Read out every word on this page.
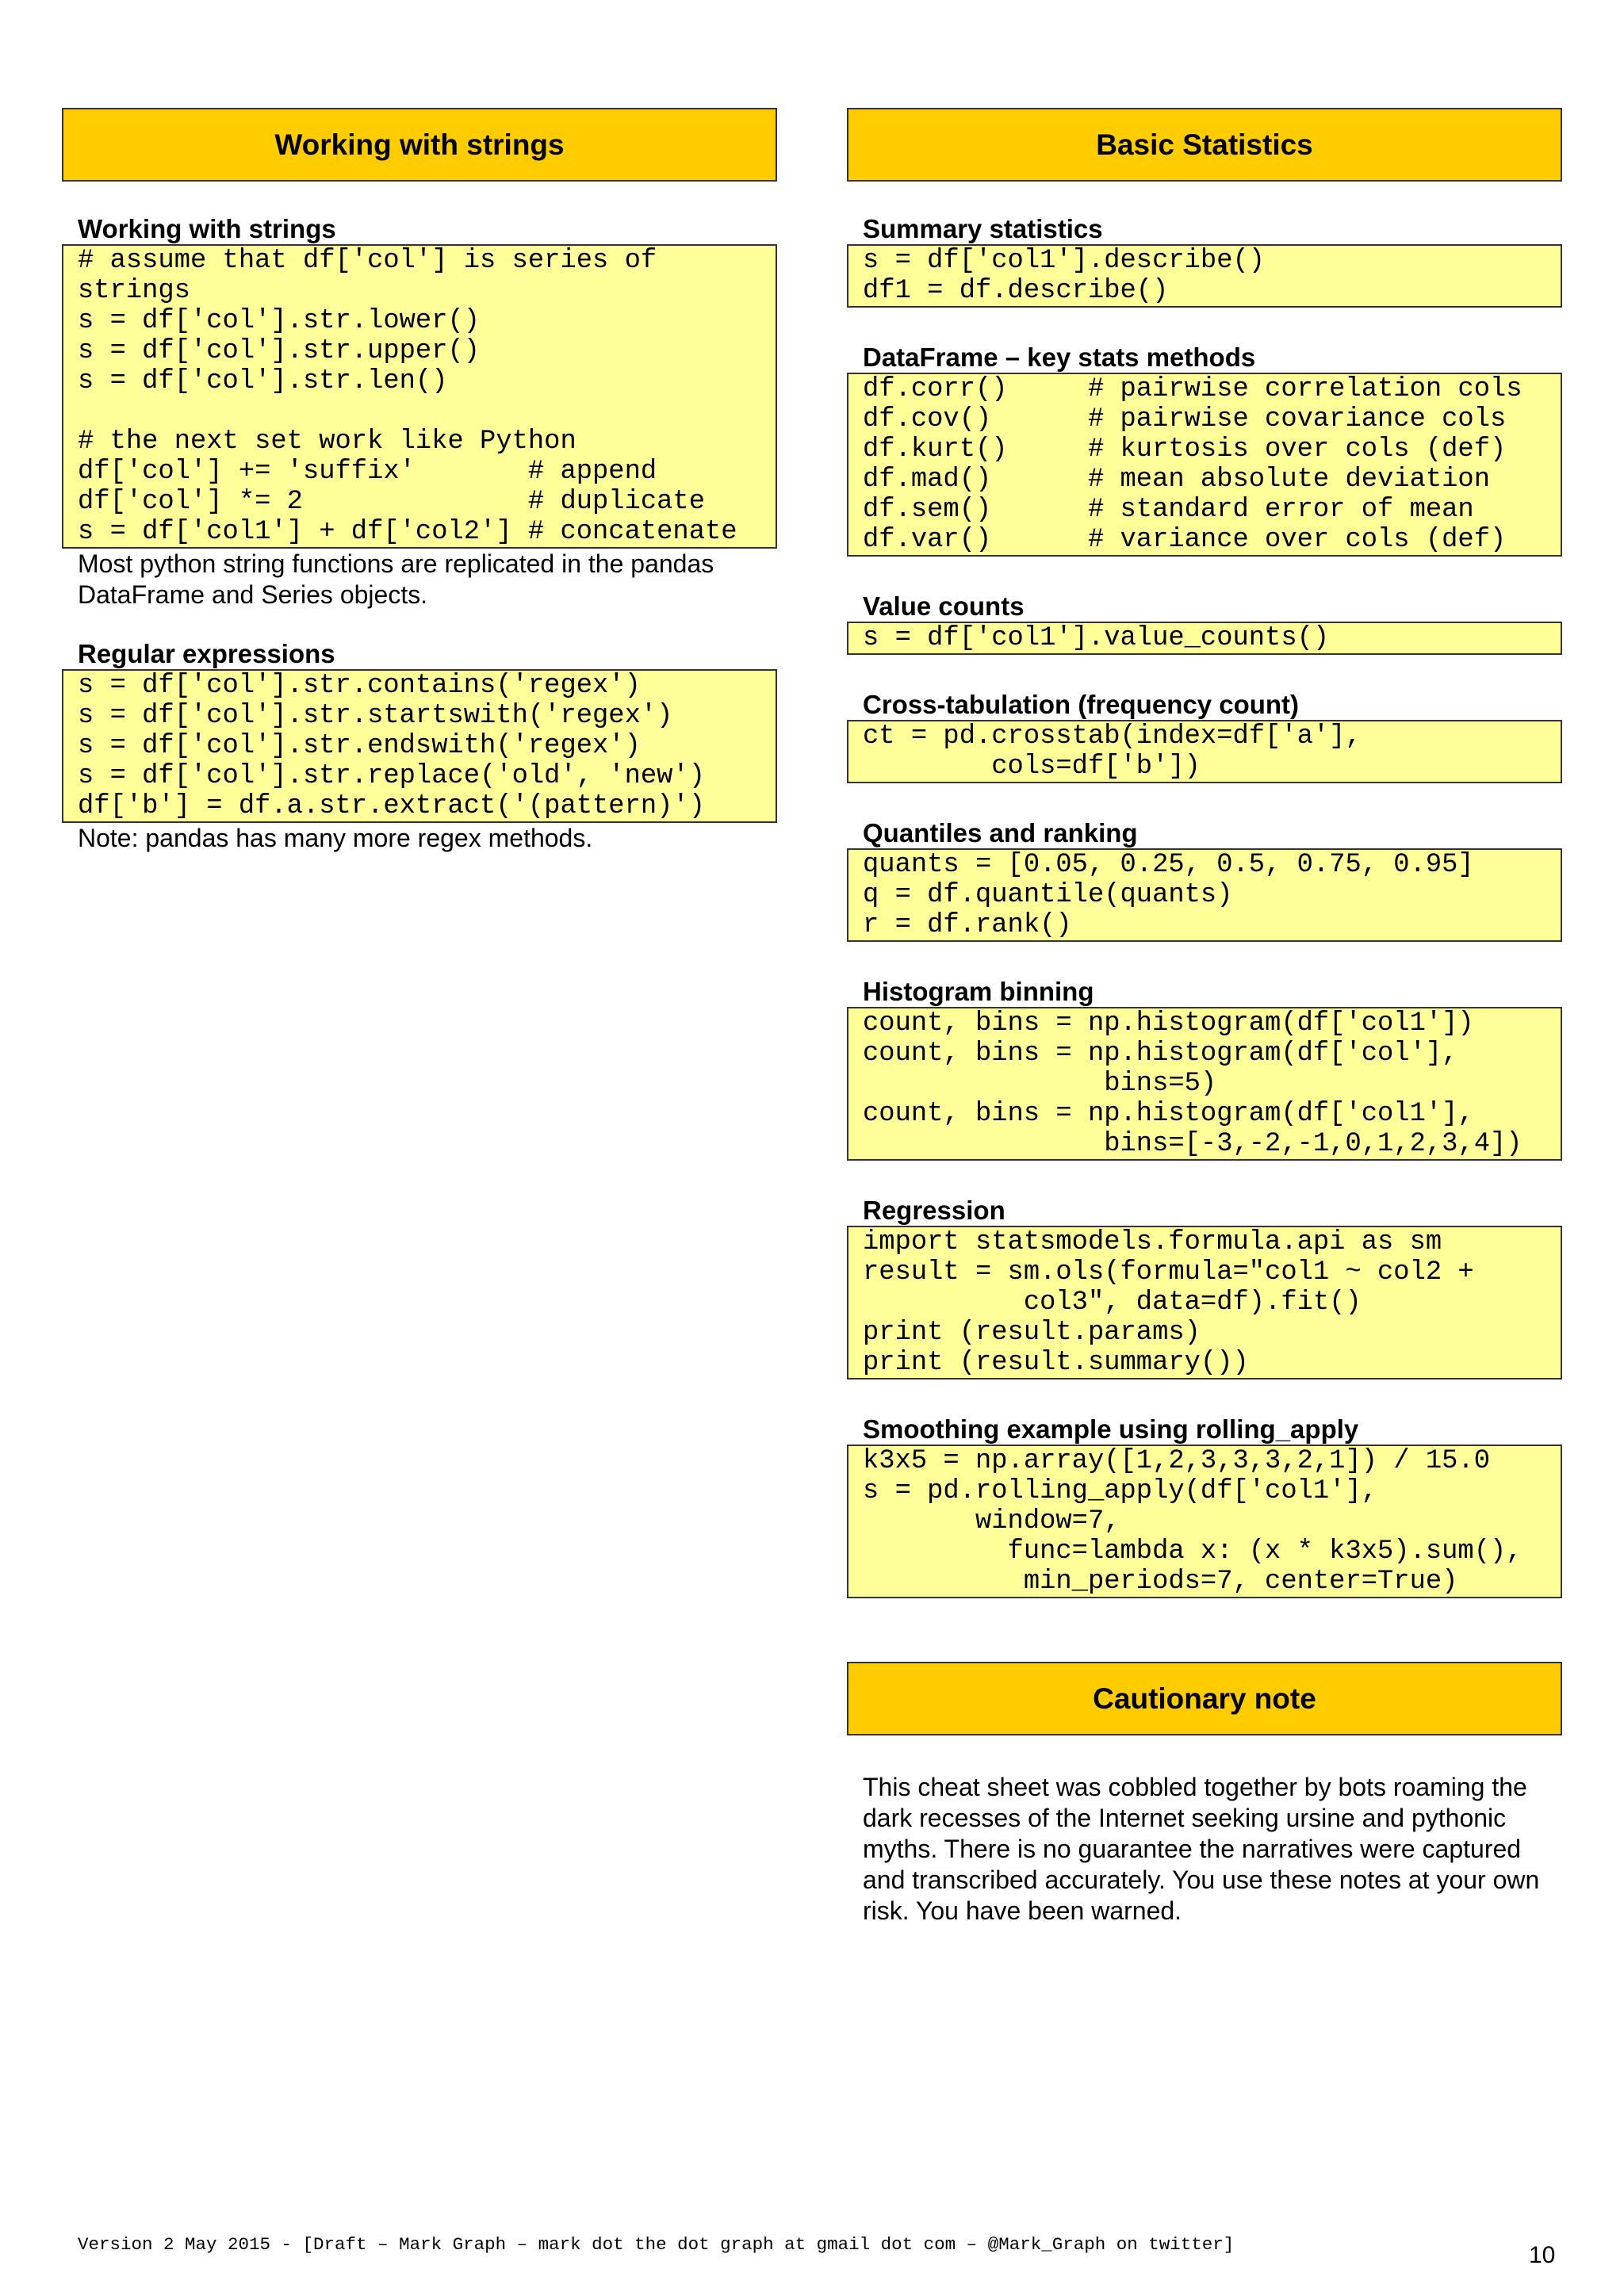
Working with strings
Working with strings
# assume that df['col'] is series of
strings
s = df['col'].str.lower()
s = df['col'].str.upper()
s = df['col'].str.len()

# the next set work like Python
df['col'] += 'suffix'       # append
df['col'] *= 2              # duplicate
s = df['col1'] + df['col2'] # concatenate
Most python string functions are replicated in the pandas DataFrame and Series objects.
Regular expressions
s = df['col'].str.contains('regex')
s = df['col'].str.startswith('regex')
s = df['col'].str.endswith('regex')
s = df['col'].str.replace('old', 'new')
df['b'] = df.a.str.extract('(pattern)')
Note: pandas has many more regex methods.
Basic Statistics
Summary statistics
s = df['col1'].describe()
df1 = df.describe()
DataFrame – key stats methods
df.corr()     # pairwise correlation cols
df.cov()      # pairwise covariance cols
df.kurt()     # kurtosis over cols (def)
df.mad()      # mean absolute deviation
df.sem()      # standard error of mean
df.var()      # variance over cols (def)
Value counts
s = df['col1'].value_counts()
Cross-tabulation (frequency count)
ct = pd.crosstab(index=df['a'],
cols=df['b'])
Quantiles and ranking
quants = [0.05, 0.25, 0.5, 0.75, 0.95]
q = df.quantile(quants)
r = df.rank()
Histogram binning
count, bins = np.histogram(df['col1'])
count, bins = np.histogram(df['col'],
bins=5)
count, bins = np.histogram(df['col1'],
bins=[-3,-2,-1,0,1,2,3,4])
Regression
import statsmodels.formula.api as sm
result = sm.ols(formula="col1 ~ col2 +
col3", data=df).fit()
print (result.params)
print (result.summary())
Smoothing example using rolling_apply
k3x5 = np.array([1,2,3,3,3,2,1]) / 15.0
s = pd.rolling_apply(df['col1'],
window=7,
func=lambda x: (x * k3x5).sum(),
min_periods=7, center=True)
Cautionary note
This cheat sheet was cobbled together by bots roaming the dark recesses of the Internet seeking ursine and pythonic myths. There is no guarantee the narratives were captured and transcribed accurately. You use these notes at your own risk. You have been warned.
Version 2 May 2015 - [Draft – Mark Graph – mark dot the dot graph at gmail dot com – @Mark_Graph on twitter]	10
